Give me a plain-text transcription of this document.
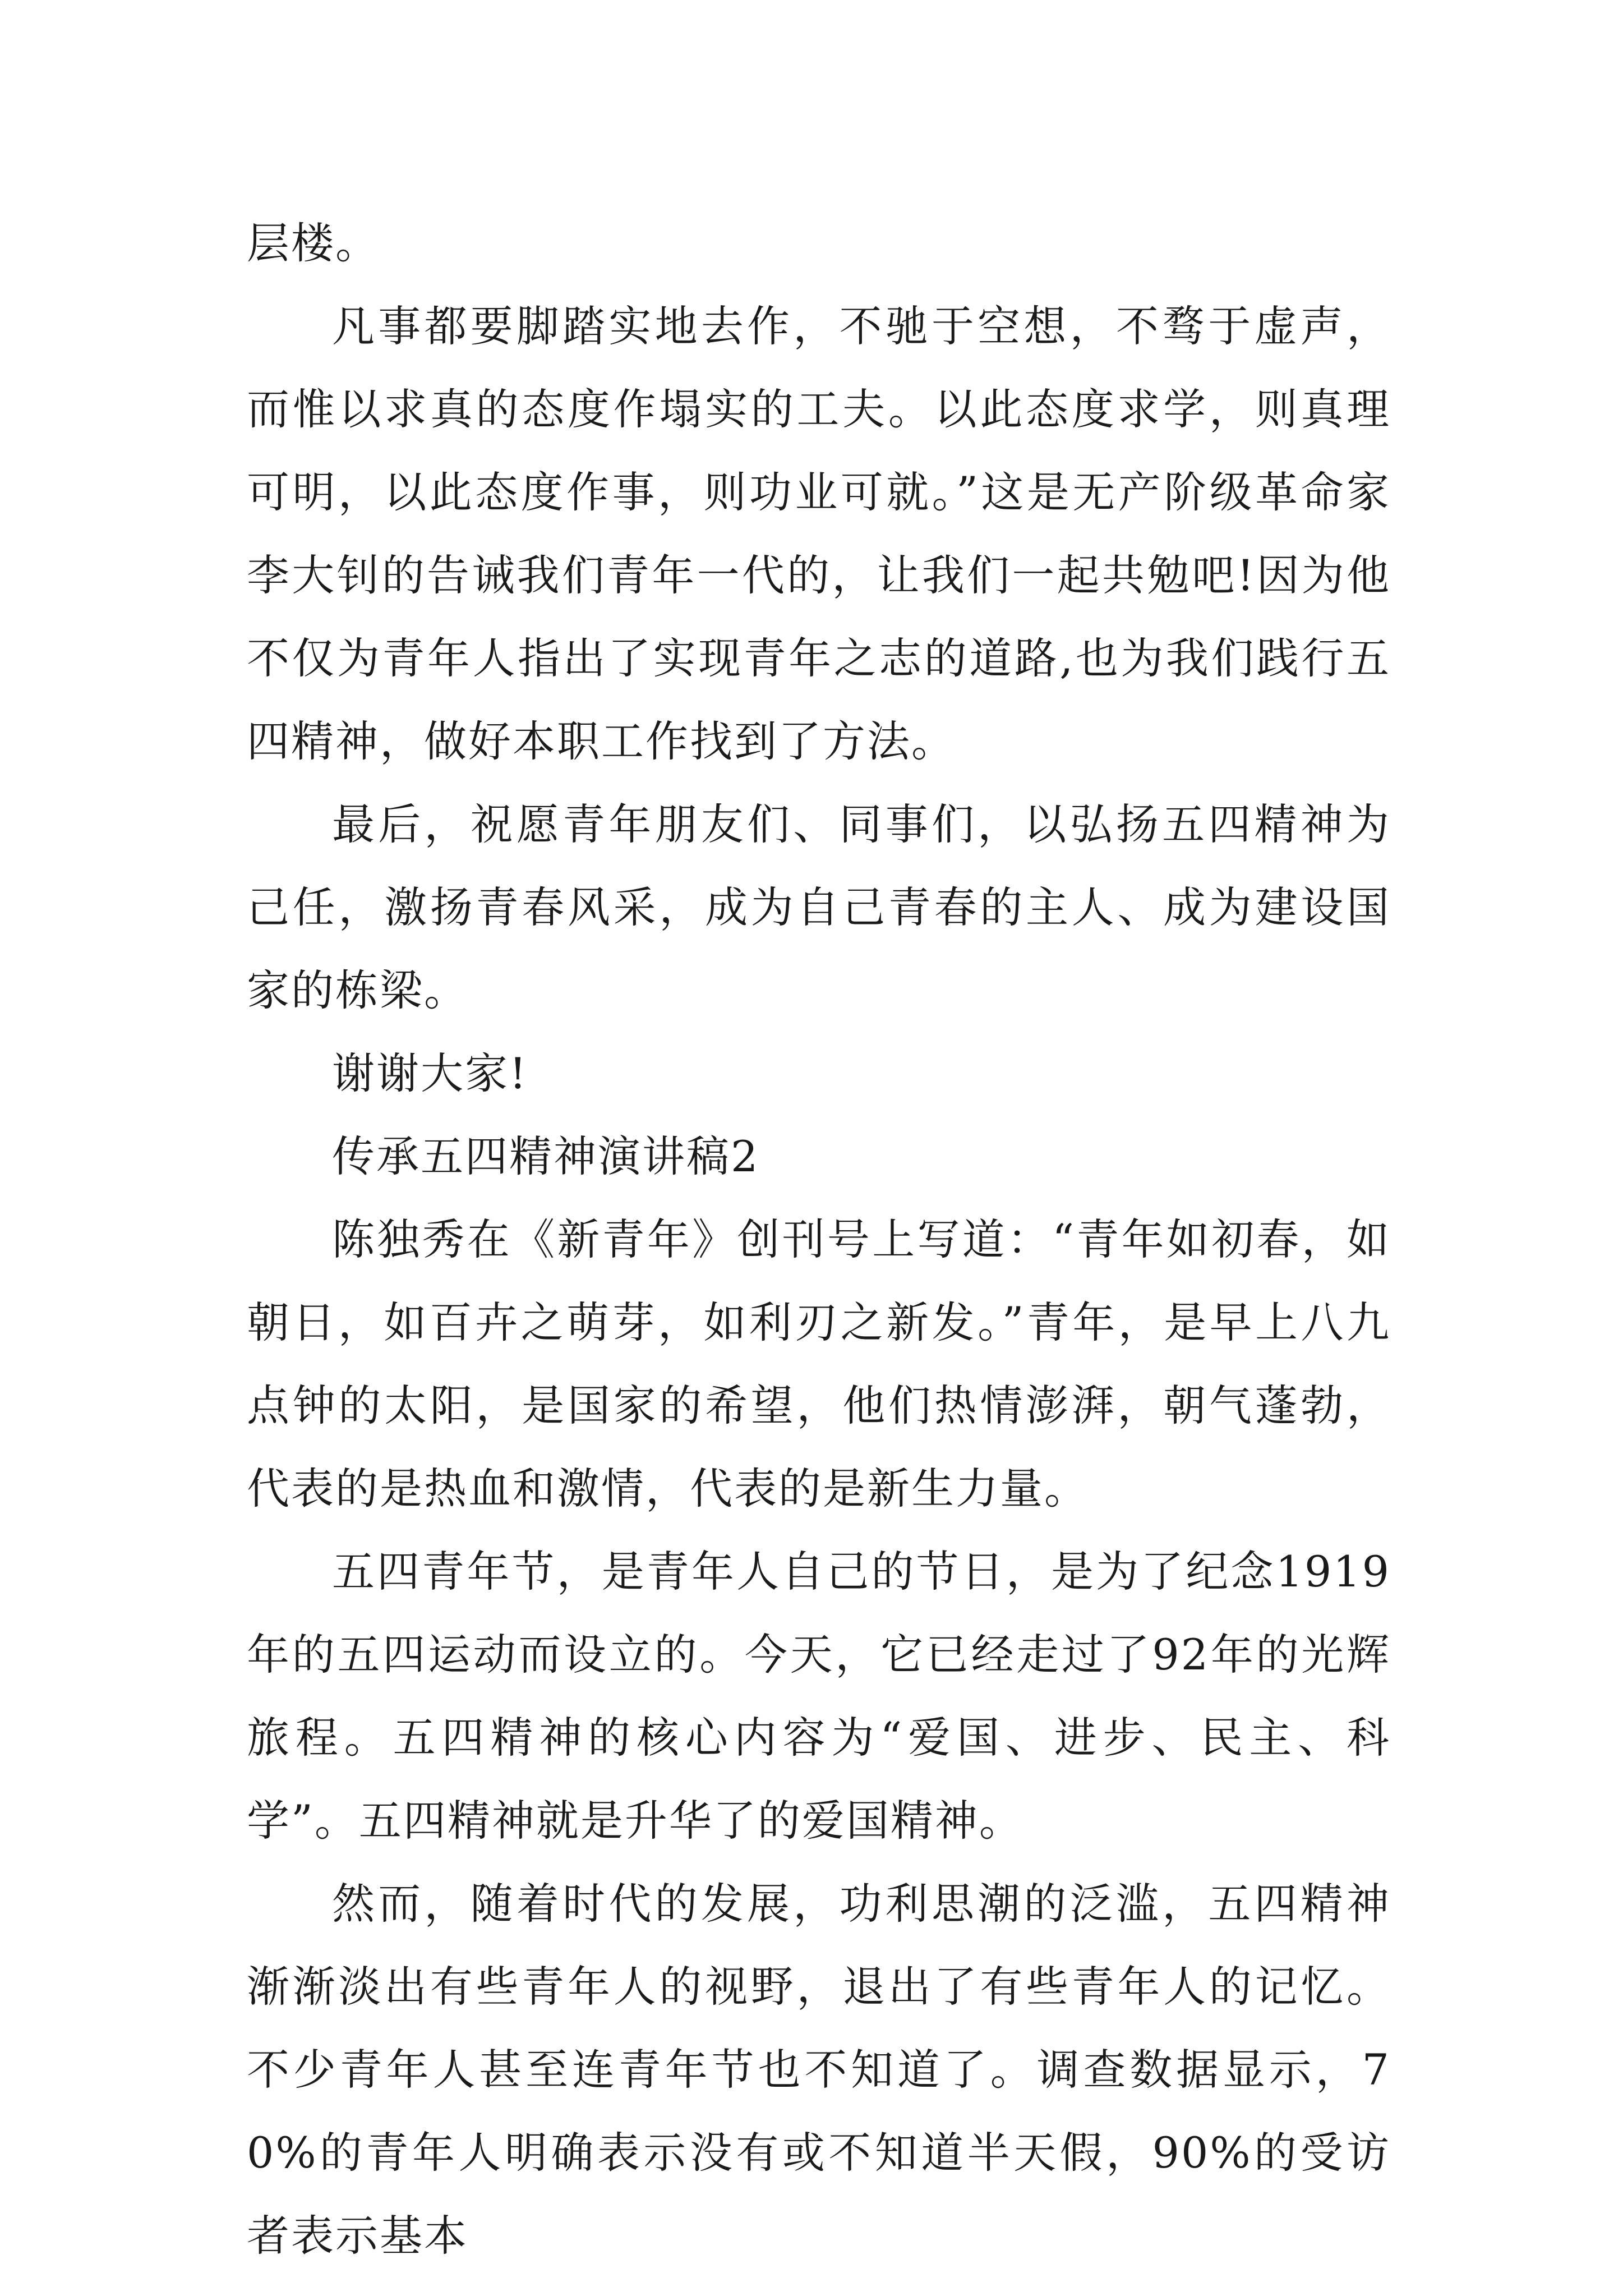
层楼。

凡事都要脚踏实地去作，不驰于空想，不骛于虚声，而惟以求真的态度作塌实的工夫。以此态度求学，则真理可明，以此态度作事，则功业可就。”这是无产阶级革命家李大钊的告诫我们青年一代的，让我们一起共勉吧!因为他不仅为青年人指出了实现青年之志的道路,也为我们践行五四精神，做好本职工作找到了方法。

最后，祝愿青年朋友们、同事们，以弘扬五四精神为己任，激扬青春风采，成为自己青春的主人、成为建设国家的栋梁。

谢谢大家!

传承五四精神演讲稿2

陈独秀在《新青年》创刊号上写道：“青年如初春，如朝日，如百卉之萌芽，如利刃之新发。”青年，是早上八九点钟的太阳，是国家的希望，他们热情澎湃，朝气蓬勃，代表的是热血和激情，代表的是新生力量。

五四青年节，是青年人自己的节日，是为了纪念1919年的五四运动而设立的。今天，它已经走过了92年的光辉旅程。五四精神的核心内容为“爱国、进步、民主、科学”。五四精神就是升华了的爱国精神。

然而，随着时代的发展，功利思潮的泛滥，五四精神渐渐淡出有些青年人的视野，退出了有些青年人的记忆。不少青年人甚至连青年节也不知道了。调查数据显示，70%的青年人明确表示没有或不知道半天假，90%的受访者表示基本
